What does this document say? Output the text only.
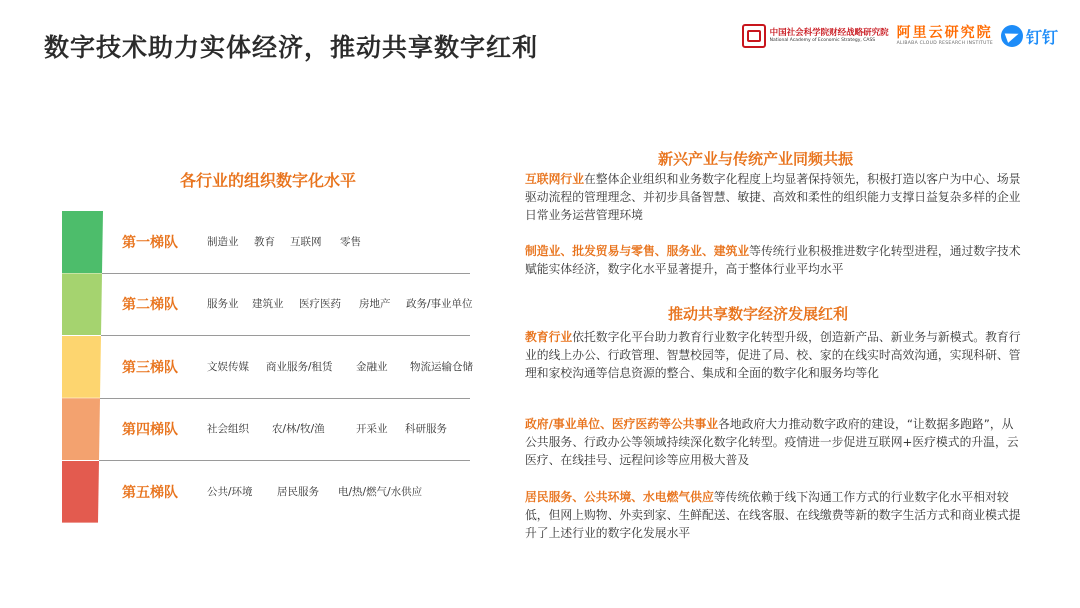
数字技术助力实体经济，推动共享数字红利
中国社会科学院财经战略研究院
National Academy of Economic Strategy, CASS	阿里云研究院
ALIBABA CLOUD RESEARCH INSTITUTE 钉钉
各行业的组织数字化水平
第一梯队	制造业 教育 互联网 零售
第二梯队	服务业 建筑业 医疗医药 房地产 政务/事业单位
第三梯队	文娱传媒 商业服务/租赁 金融业 物流运输仓储
第四梯队	社会组织 农/林/牧/渔	开采业 科研服务
第五梯队	公共/环境 居民服务 电/热/燃气/水供应
新兴产业与传统产业同频共振
互联网行业在整体企业组织和业务数字化程度上均显著保持领先，积极打造以客户为中心、场景驱动流程的管理理念、并初步具备智慧、敏捷、高效和柔性的组织能力支撑日益复杂多样的企业日常业务运营管理环境
制造业、批发贸易与零售、服务业、建筑业等传统行业积极推进数字化转型进程，通过数字技术赋能实体经济，数字化水平显著提升，高于整体行业平均水平
推动共享数字经济发展红利
教育行业依托数字化平台助力教育行业数字化转型升级，创造新产品、新业务与新模式。教育行业的线上办公、行政管理、智慧校园等，促进了局、校、家的在线实时高效沟通，实现科研、管理和家校沟通等信息资源的整合、集成和全面的数字化和服务均等化
政府/事业单位、医疗医药等公共事业各地政府大力推动数字政府的建设，“让数据多跑路”，从公共服务、行政办公等领域持续深化数字化转型。疫情进一步促进互联网+医疗模式的升温，云医疗、在线挂号、远程问诊等应用极大普及
居民服务、公共环境、水电燃气供应等传统依赖于线下沟通工作方式的行业数字化水平相对较低，但网上购物、外卖到家、生鲜配送、在线客服、在线缴费等新的数字生活方式和商业模式提升了上述行业的数字化发展水平
